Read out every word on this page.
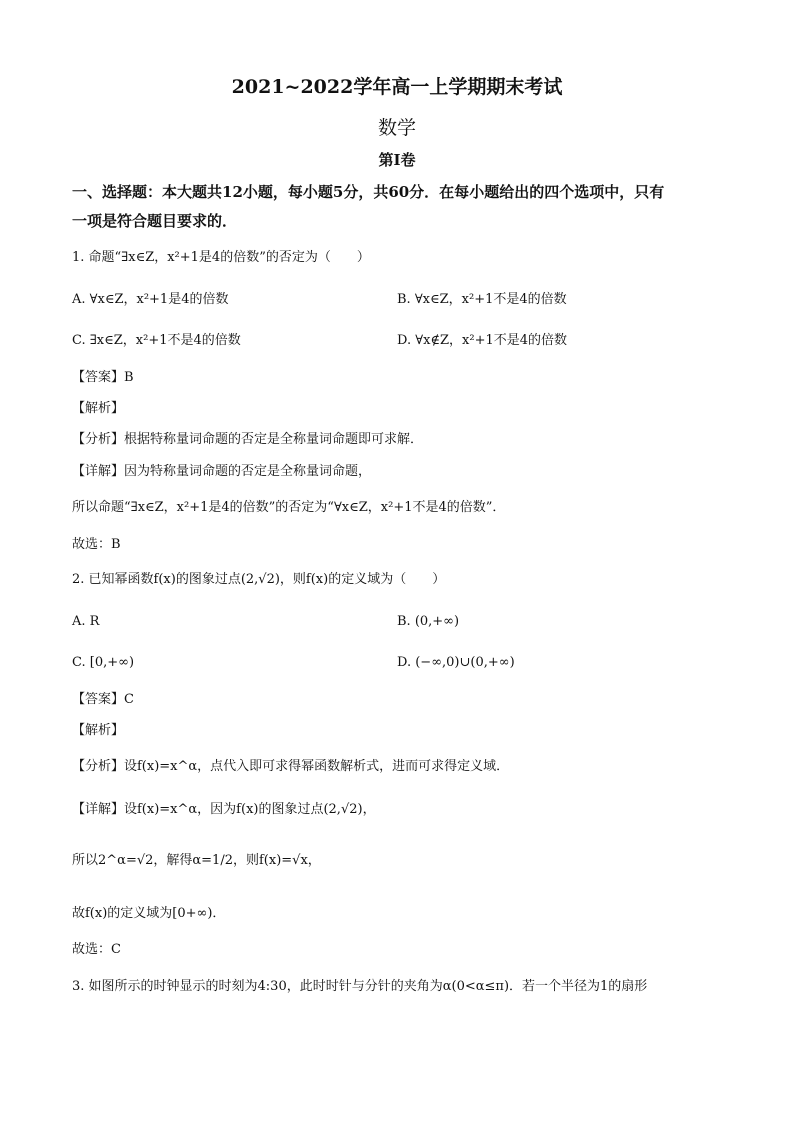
2021~2022学年高一上学期期末考试
数学
第I卷
一、选择题：本大题共12小题，每小题5分，共60分．在每小题给出的四个选项中，只有
一项是符合题目要求的．
1. 命题“∃x∈Z，x²+1是4的倍数”的否定为（　　）
A. ∀x∈Z，x²+1是4的倍数	B. ∀x∈Z，x²+1不是4的倍数
C. ∃x∈Z，x²+1不是4的倍数	D. ∀x∉Z，x²+1不是4的倍数
【答案】B
【解析】
【分析】根据特称量词命题的否定是全称量词命题即可求解．
【详解】因为特称量词命题的否定是全称量词命题，
所以命题“∃x∈Z，x²+1是4的倍数”的否定为“∀x∈Z，x²+1不是4的倍数”．
故选：B
2. 已知幂函数f(x)的图象过点(2,√2)，则f(x)的定义域为（　　）
A. R	B. (0,+∞)
C. [0,+∞)	D. (−∞,0)∪(0,+∞)
【答案】C
【解析】
【分析】设f(x)=x^α，点代入即可求得幂函数解析式，进而可求得定义域．
【详解】设f(x)=x^α，因为f(x)的图象过点(2,√2)，
所以2^α=√2，解得α=1/2，则f(x)=√x，
故f(x)的定义域为[0+∞)．
故选：C
3. 如图所示的时钟显示的时刻为4:30，此时时针与分针的夹角为α(0<α≤π)．若一个半径为1的扇形
